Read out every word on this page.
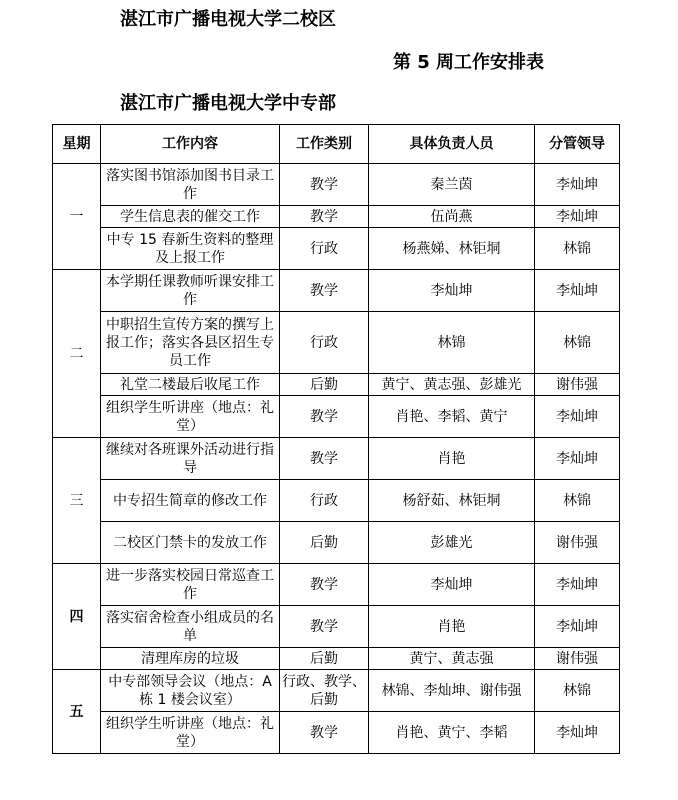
湛江市广播电视大学二校区
第 5 周工作安排表
湛江市广播电视大学中专部
星期	工作内容	工作类别	具体负责人员	分管领导
一	落实图书馆添加图书目录工作	教学	秦兰茵	李灿坤
	学生信息表的催交工作	教学	伍尚燕	李灿坤
	中专 15 春新生资料的整理及上报工作	行政	杨燕娣、林钜垌	林锦
二	本学期任课教师听课安排工作	教学	李灿坤	李灿坤
	中职招生宣传方案的撰写上报工作；落实各县区招生专员工作	行政	林锦	林锦
	礼堂二楼最后收尾工作	后勤	黄宁、黄志强、彭雄光	谢伟强
	组织学生听讲座（地点：礼堂）	教学	肖艳、李韬、黄宁	李灿坤
三	继续对各班课外活动进行指导	教学	肖艳	李灿坤
	中专招生简章的修改工作	行政	杨舒茹、林钜垌	林锦
	二校区门禁卡的发放工作	后勤	彭雄光	谢伟强
四	进一步落实校园日常巡查工作	教学	李灿坤	李灿坤
	落实宿舍检查小组成员的名单	教学	肖艳	李灿坤
	清理库房的垃圾	后勤	黄宁、黄志强	谢伟强
五	中专部领导会议（地点：A 栋 1 楼会议室）	行政、教学、后勤	林锦、李灿坤、谢伟强	林锦
	组织学生听讲座（地点：礼堂）	教学	肖艳、黄宁、李韬	李灿坤
